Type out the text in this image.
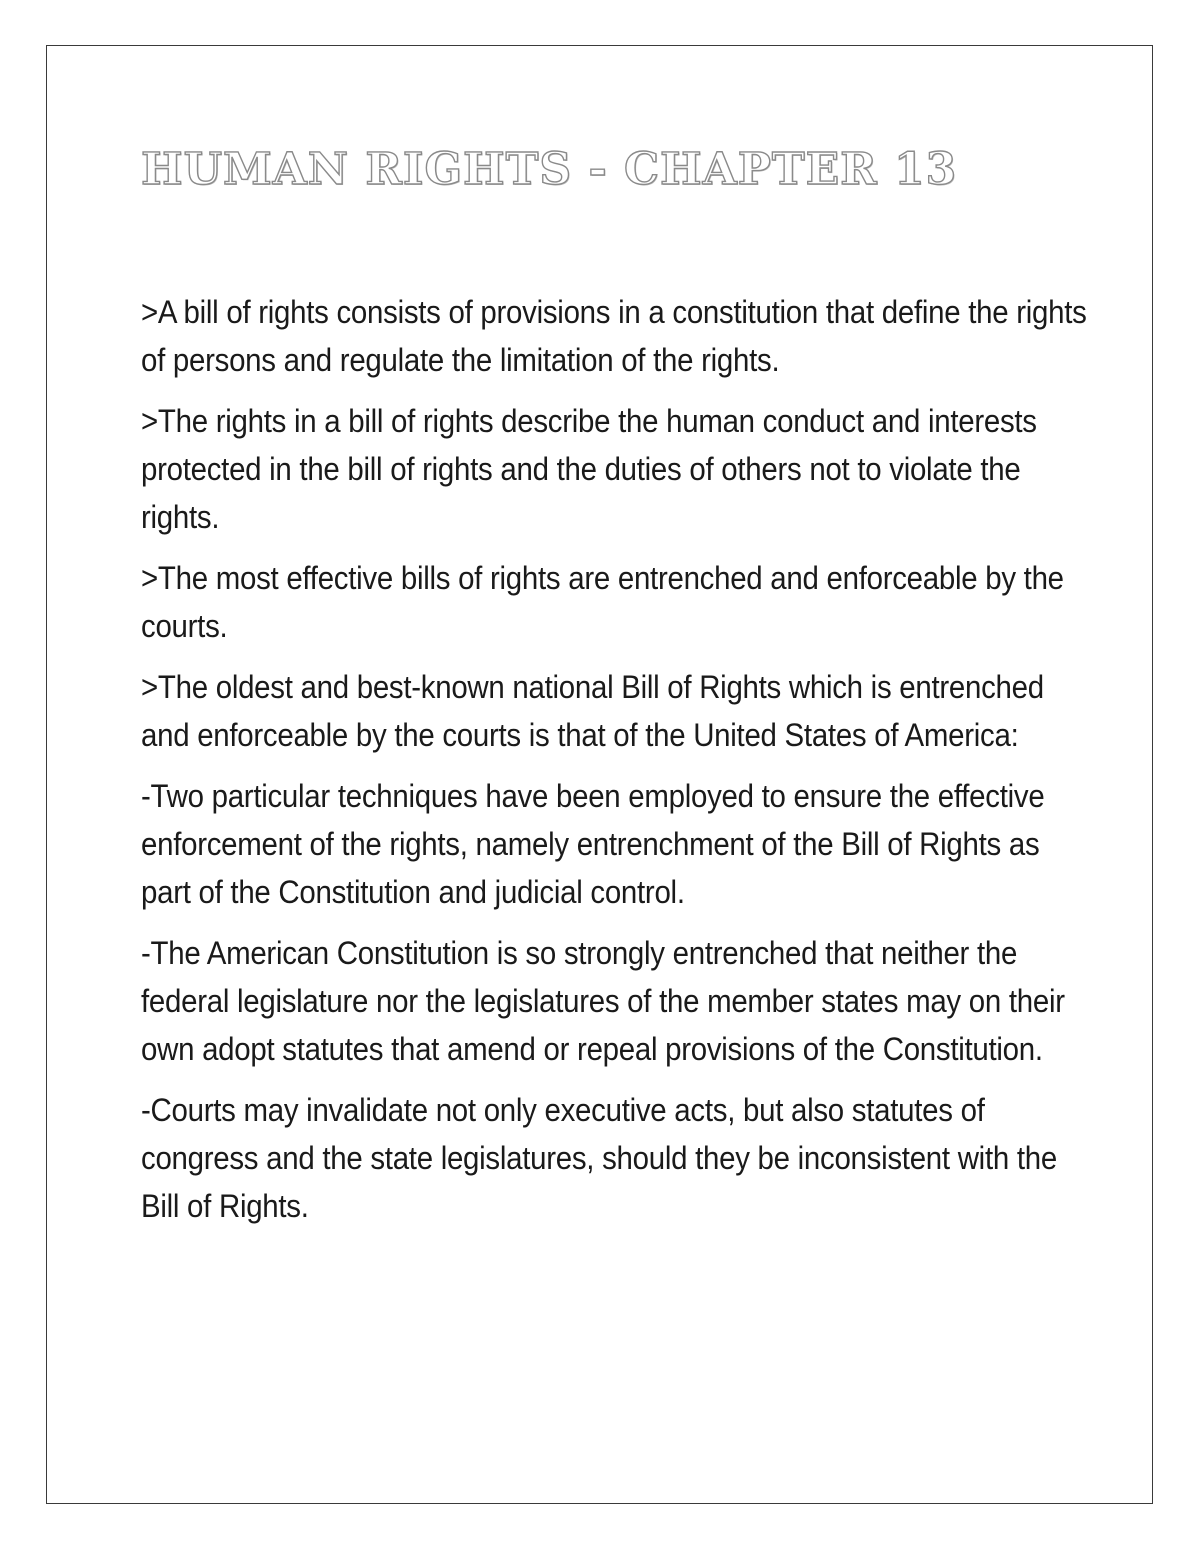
HUMAN RIGHTS - CHAPTER 13

>A bill of rights consists of provisions in a constitution that define the rights of persons and regulate the limitation of the rights.

>The rights in a bill of rights describe the human conduct and interests protected in the bill of rights and the duties of others not to violate the rights.

>The most effective bills of rights are entrenched and enforceable by the courts.

>The oldest and best-known national Bill of Rights which is entrenched and enforceable by the courts is that of the United States of America:

-Two particular techniques have been employed to ensure the effective enforcement of the rights, namely entrenchment of the Bill of Rights as part of the Constitution and judicial control.

-The American Constitution is so strongly entrenched that neither the federal legislature nor the legislatures of the member states may on their own adopt statutes that amend or repeal provisions of the Constitution.

-Courts may invalidate not only executive acts, but also statutes of congress and the state legislatures, should they be inconsistent with the Bill of Rights.
